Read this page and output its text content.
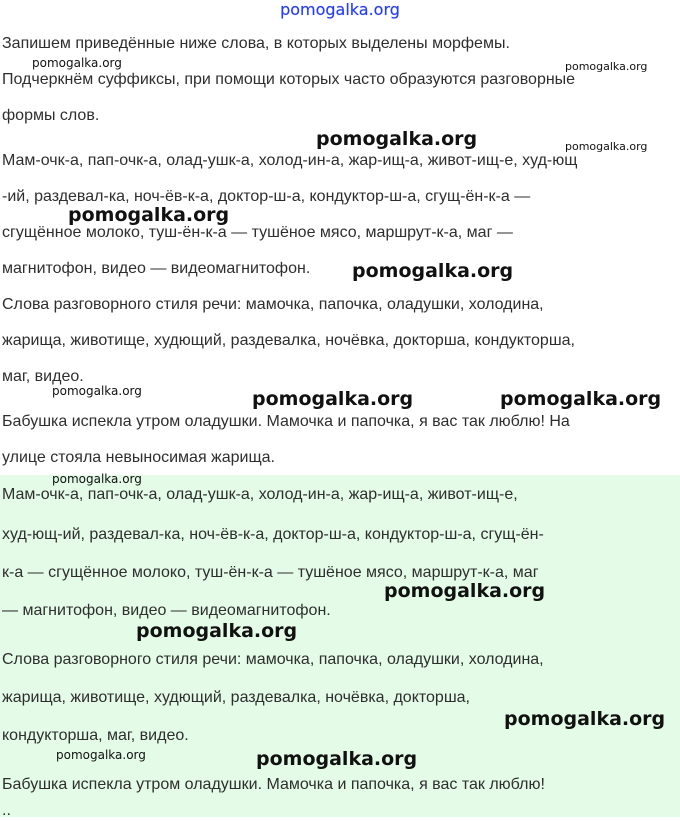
pomogalka.org
Запишем приведённые ниже слова, в которых выделены морфемы.
Подчеркнём суффиксы, при помощи которых часто образуются разговорные
формы слов.
Мам-очк-а, пап-очк-а, олад-ушк-а, холод-ин-а, жар-ищ-а, живот-ищ-е, худ-ющ
-ий, раздевал-ка, ноч-ёв-к-а, доктор-ш-а, кондуктор-ш-а, сгущ-ён-к-а —
сгущённое молоко, туш-ён-к-а — тушёное мясо, маршрут-к-а, маг —
магнитофон, видео — видеомагнитофон.
Слова разговорного стиля речи: мамочка, папочка, оладушки, холодина,
жарища, животище, худющий, раздевалка, ночёвка, докторша, кондукторша,
маг, видео.
Бабушка испекла утром оладушки. Мамочка и папочка, я вас так люблю! На
улице стояла невыносимая жарища.
Мам-очк-а, пап-очк-а, олад-ушк-а, холод-ин-а, жар-ищ-а, живот-ищ-е,
худ-ющ-ий, раздевал-ка, ноч-ёв-к-а, доктор-ш-а, кондуктор-ш-а, сгущ-ён-
к-а — сгущённое молоко, туш-ён-к-а — тушёное мясо, маршрут-к-а, маг
— магнитофон, видео — видеомагнитофон.
Слова разговорного стиля речи: мамочка, папочка, оладушки, холодина,
жарища, животище, худющий, раздевалка, ночёвка, докторша,
кондукторша, маг, видео.
Бабушка испекла утром оладушки. Мамочка и папочка, я вас так люблю!
..
pomogalka.org	pomogalka.org
pomogalka.org	pomogalka.org
pomogalka.org
pomogalka.org
pomogalka.org	pomogalka.org	pomogalka.org
pomogalka.org
pomogalka.org
pomogalka.org
pomogalka.org
pomogalka.org	pomogalka.org
